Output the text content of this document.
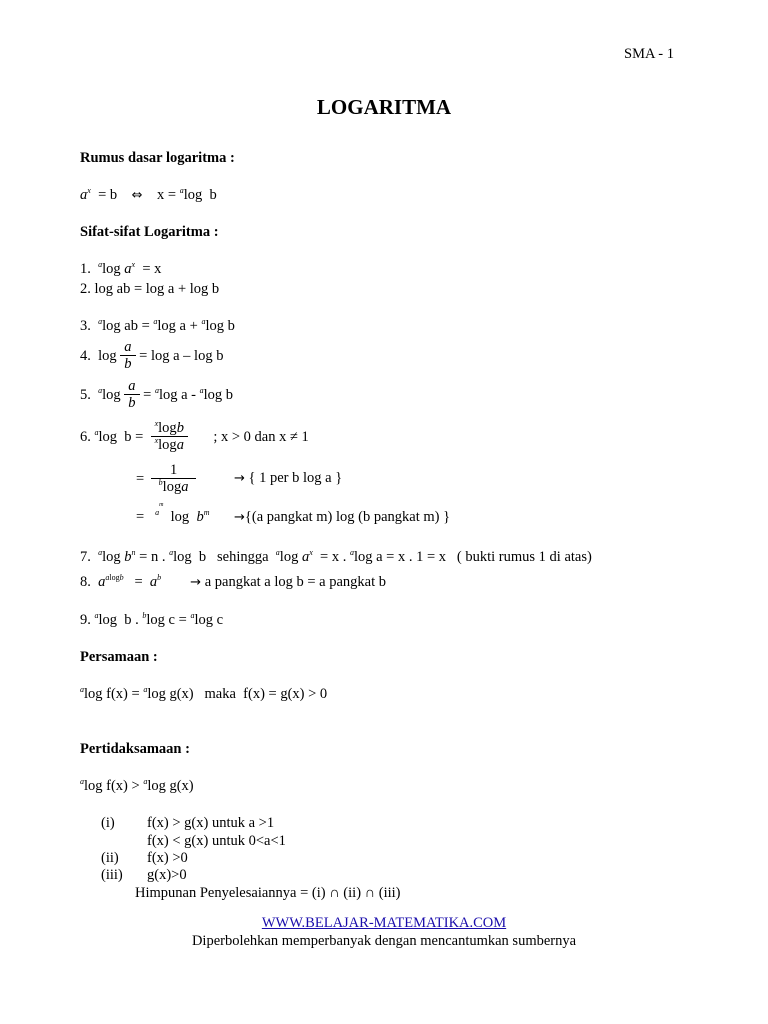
SMA - 1
LOGARITMA
Rumus dasar logaritma :
$a^x = b$    ⇔ x = $^a$log  b
Sifat-sifat Logaritma :
1. $^a$log $a^x = x$
2. log ab = log a + log b
3. $^a$log ab = $^a$log a + $^a$log b
4.  $\log \frac{a}{b} = \log a - \log b$
5. $^a\log \frac{a}{b} = ^a\log$ a - $^a$log b
6. $^a$log  $b = \frac{^x\log b}{^x\log a}$ ; x > 0 dan x ≠ 1
= $\frac{1}{^b\log a}$	→ { 1 per b log a }
=   $^{a^m}$  $\log b^m \to\{(a$ pangkat m) log (b pangkat m) }
7. $^a$log $b^n = n$ . $^a$log  b   sehingga  $^a$log $a^x = x$ . $^a$log a = x . 1 = x   ( bukti rumus 1 di atas)
8. $a^{alogb} = a^b \to a$ pangkat a log b = a pangkat b
9. $^a$log  b . $^b$log c = $^a$log c
Persamaan :
$^a$log f(x) = $^a$log g(x)   maka  f(x) = g(x) > 0
Pertidaksamaan :
$^a$log f(x) > $^a$log g(x)
(i) f(x) > g(x) untuk a >1
f(x) < g(x) untuk 0<a<1
(ii) f(x) >0
(iii) g(x)>0
Himpunan Penyelesaiannya = (i) ∩ (ii) ∩ (iii)
WWW.BELAJAR-MATEMATIKA.COM
Diperbolehkan memperbanyak dengan mencantumkan sumbernya
